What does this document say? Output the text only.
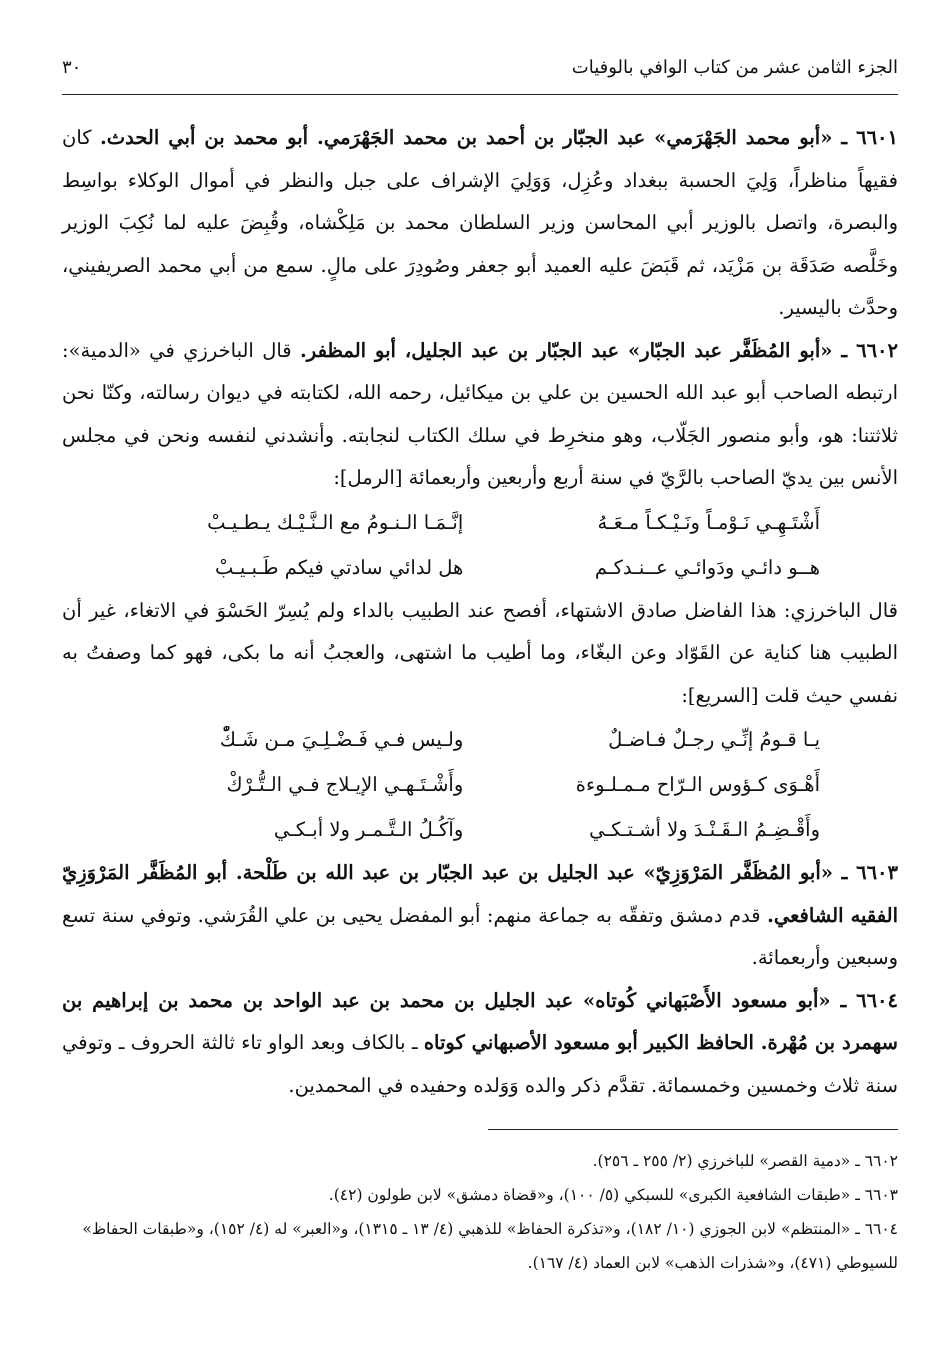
الجزء الثامن عشر من كتاب الوافي بالوفيات
٣٠

٦٦٠١ ـ «أبو محمد الجَهْرَمي» عبد الجبّار بن أحمد بن محمد الجَهْرَمي. أبو محمد بن أبي الحدث. كان فقيهاً مناظراً، وَلِيَ الحسبة ببغداد وعُزِل، وَوَلِيَ الإشراف على جبل والنظر في أموال الوكلاء بواسِط والبصرة، واتصل بالوزير أبي المحاسن وزير السلطان محمد بن مَلِكْشاه، وقُبِضَ عليه لما نُكِبَ الوزير وخَلَّصه صَدَقَة بن مَزْيَد، ثم قَبَضَ عليه العميد أبو جعفر وصُودِرَ على مالٍ. سمع من أبي محمد الصريفيني، وحدَّث باليسير.

٦٦٠٢ ـ «أبو المُظَفَّر عبد الجبّار» عبد الجبّار بن عبد الجليل، أبو المظفر. قال الباخرزي في «الدمية»: ارتبطه الصاحب أبو عبد الله الحسين بن علي بن ميكائيل، رحمه الله، لكتابته في ديوان رسالته، وكنّا نحن ثلاثتنا: هو، وأبو منصور الجَلّاب، وهو منخرِط في سلك الكتاب لنجابته. وأنشدني لنفسه ونحن في مجلس الأنس بين يديّ الصاحب بالرَّيّ في سنة أربع وأربعين وأربعمائة [الرمل]:

أَشْتَـهِـي نَـوْمـاً ونَـيْـكـاً مـعَـهُ
إنَّـمَـا الـنـومُ مع الـنَّـيْـك يـطـيـبْ
هــو دائـي ودَوائـي عــنـدكـم
هل لدائي سادتي فيكم طَـبـيـبْ

قال الباخرزي: هذا الفاضل صادق الاشتهاء، أفصح عند الطبيب بالداء ولم يُسِرّ الحَسْوَ في الاتغاء، غير أن الطبيب هنا كناية عن القَوّاد وعن البغّاء، وما أطيب ما اشتهى، والعجبُ أنه ما بكى، فهو كما وصفتُ به نفسي حيث قلت [السريع]:

يـا قـومُ إنِّـي رجـلٌ فـاضـلٌ
ولـيس فـي فَـضْـلِـيَ مـن شَـكّْ
أَهْـوَى كـؤوس الـرّاح مـمـلـوءة
وأَشْـتَـهـي الإيـلاج فـي الـتُّـرْكْ
وأَقْـضِـمُ الـقَـنْـدَ ولا أشـتـكـي
وآكُـلُ الـتَّـمـر ولا أبـكـي

٦٦٠٣ ـ «أبو المُظَفَّر المَرْوَزِيّ» عبد الجليل بن عبد الجبّار بن عبد الله بن طَلْحة. أبو المُظَفَّر المَرْوَزِيّ الفقيه الشافعي. قدم دمشق وتفقّه به جماعة منهم: أبو المفضل يحيى بن علي القُرَشي. وتوفي سنة تسع وسبعين وأربعمائة.

٦٦٠٤ ـ «أبو مسعود الأَصْبَهاني كُوتاه» عبد الجليل بن محمد بن عبد الواحد بن محمد بن إبراهيم بن سهمرد بن مُهْرة. الحافظ الكبير أبو مسعود الأصبهاني كوتاه ـ بالكاف وبعد الواو تاء ثالثة الحروف ـ وتوفي سنة ثلاث وخمسين وخمسمائة. تقدَّم ذكر والده وَوَلده وحفيده في المحمدين.

٦٦٠٢ ـ «دمية القصر» للباخرزي (٢/ ٢٥٥ ـ ٢٥٦).

٦٦٠٣ ـ «طبقات الشافعية الكبرى» للسبكي (٥/ ١٠٠)، و«قضاة دمشق» لابن طولون (٤٢).

٦٦٠٤ ـ «المنتظم» لابن الجوزي (١٠/ ١٨٢)، و«تذكرة الحفاظ» للذهبي (٤/ ١٣ ـ ١٣١٥)، و«العبر» له (٤/ ١٥٢)، و«طبقات الحفاظ» للسيوطي (٤٧١)، و«شذرات الذهب» لابن العماد (٤/ ١٦٧).
